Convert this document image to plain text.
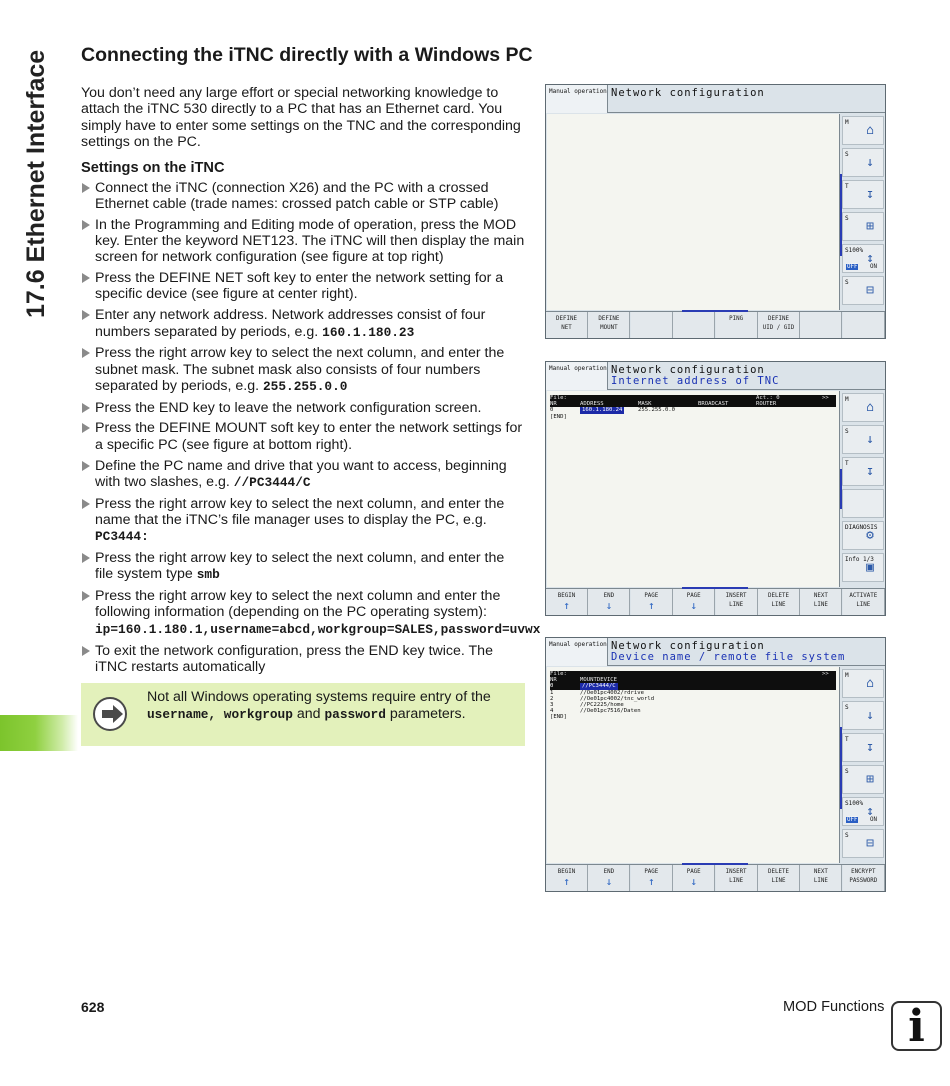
17.6 Ethernet Interface Connecting the iTNC directly with a Windows PC

You don’t need any large effort or special networking knowledge to attach the iTNC 530 directly to a PC that has an Ethernet card. You simply have to enter some settings on the TNC and the corresponding settings on the PC.

Settings on the iTNC
Connect the iTNC (connection X26) and the PC with a crossed Ethernet cable (trade names: crossed patch cable or STP cable)
In the Programming and Editing mode of operation, press the MOD key. Enter the keyword NET123. The iTNC will then display the main screen for network configuration (see figure at top right)
Press the DEFINE NET soft key to enter the network setting for a specific device (see figure at center right).
Enter any network address. Network addresses consist of four numbers separated by periods, e.g. 160.1.180.23
Press the right arrow key to select the next column, and enter the subnet mask. The subnet mask also consists of four numbers separated by periods, e.g. 255.255.0.0
Press the END key to leave the network configuration screen.
Press the DEFINE MOUNT soft key to enter the network settings for a specific PC (see figure at bottom right).
Define the PC name and drive that you want to access, beginning with two slashes, e.g. //PC3444/C
Press the right arrow key to select the next column, and enter the name that the iTNC’s file manager uses to display the PC, e.g. PC3444:
Press the right arrow key to select the next column, and enter the file system type smb
Press the right arrow key to select the next column and enter the following information (depending on the PC operating system): ip=160.1.180.1,username=abcd,workgroup=SALES,password=uvwx
To exit the network configuration, press the END key twice. The iTNC restarts automatically
Not all Windows operating systems require entry of the username, workgroup and password parameters.
Manual operation Network configuration
M
⌂
S
↓
T
↧
S
⊞
S100%
↕
OFF ON
S
⊟
DEFINE
NET
DEFINE
MOUNT

PING	DEFINE
UID / GID

Manual operation Network configuration
Internet address of TNC
File:	Act.: 0	>>
NR	ADDRESS	MASK	BROADCAST	ROUTER
0	160.1.180.24	255.255.0.0
[END]
M
⌂
S
↓
T
↧
DIAGNOSIS
⚙
Info 1/3
▣
BEGIN

↑
END

↓
PAGE

↑
PAGE

↓
INSERT
LINE
DELETE
LINE
NEXT
LINE
ACTIVATE
LINE
Manual operation Network configuration
Device name / remote file system
File:	>>
NR	MOUNTDEVICE
0	//PC3444/C
1	//Oe01pc4002/rdrive
2	//Oe01pc4002/tnc_world
3	//PC2225/home
4	//Oe01pc7516/Daten
[END]
M
⌂
S
↓
T
↧
S
⊞
S100%
↕
OFF ON
S
⊟
BEGIN

↑
END

↓
PAGE

↑
PAGE

↓
INSERT
LINE
DELETE
LINE
NEXT
LINE
ENCRYPT
PASSWORD
628	MOD Functions i
